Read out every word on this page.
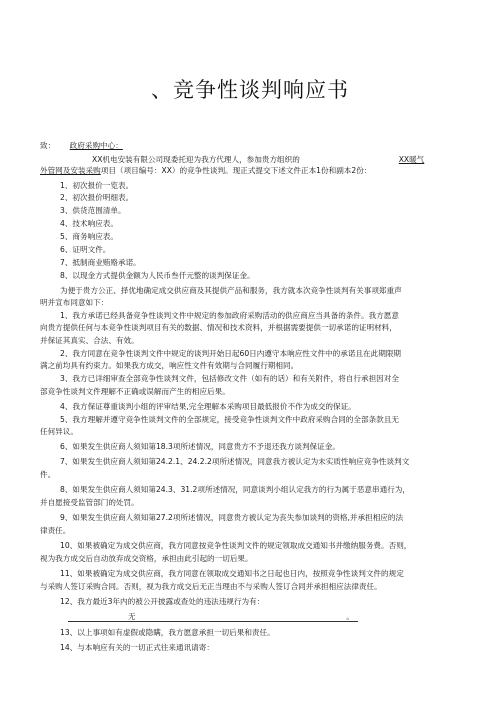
、竞争性谈判响应书
致： 政府采购中心：
XX机电安装有限公司现委托迎为我方代理人，参加贵方组织的	XX暖气
外管网及安装采购项目（项目编号：XX）的竞争性谈判。现正式提交下述文件正本1份和副本2份：
1、初次报价一览表。
2、初次报价明细表。
3、供货范围清单。
4、技术响应表。
5、商务响应表。
6、证明文件。
7、抵制商业贿赂承诺。
8、以现金方式提供金额为人民币叁仟元整的谈判保证金。
为便于贵方公正、择优地确定成交供应商及其提供产品和服务，我方就本次竞争性谈判有关事项郑重声
明并宣布同意如下：
1、我方承诺已经具备竞争性谈判文件中规定的参加政府采购活动的供应商应当具备的条件。我方愿意
向贵方提供任何与本竞争性谈判项目有关的数据、情况和技术资料，并根据需要提供一切承诺的证明材料，
并保证其真实、合法、有效。
2、我方同意在竞争性谈判文件中规定的谈判开始日起60日内遵守本响应性文件中的承诺且在此期限期
满之前均具有约束力。如果我方成交，响应性文件有效期与合同履行期相同。
3、我方已详细审查全部竞争性谈判文件，包括修改文件（如有的话）和有关附件，将自行承担因对全
部竞争性谈判文件理解不正确或误解而产生的相应后果。
4、我方保证尊重谈判小组的评审结果,完全理解本采购项目最低报价不作为成交的保证。
5、我方理解并遵守竞争性谈判文件的全部规定，接受竞争性谈判文件中政府采购合同的全部条款且无
任何异议。
6、如果发生供应商人须知第18.3项所述情况，同意贵方不予退还我方谈判保证金。
7、如果发生供应商人须知第24.2.1、24.2.2项所述情况，同意我方被认定为未实质性响应竞争性谈判文
件。
8、如果发生供应商人须知第24.3、31.2项所述情况，同意谈判小组认定我方的行为属于恶意串通行为，
并自愿接受监管部门的处罚。
9、如果发生供应商人须知第27.2项所述情况，同意贵方被认定为丧失参加谈判的资格,并承担相应的法
律责任。
10、如果被确定为成交供应商，我方同意按竞争性谈判文件的规定领取成交通知书并缴纳服务费。否则，
视为我方成交后自动放弃成交资格，承担由此引起的一切后果。
11、如果被确定为成交供应商，我方同意在领取成交通知书之日起也日内，按照竞争性谈判文件的规定
与采购人签订采购合同。否则，视为我方成交后无正当理由不与采购人签订合同并承担相应法律责任。
12、我方最近3年内的被公开披露或查处的违法违规行为有：
无	。
13、以上事项如有虚假或隐瞒，我方愿意承担一切后果和责任。
14、与本响应有关的一切正式往来通讯请寄：
